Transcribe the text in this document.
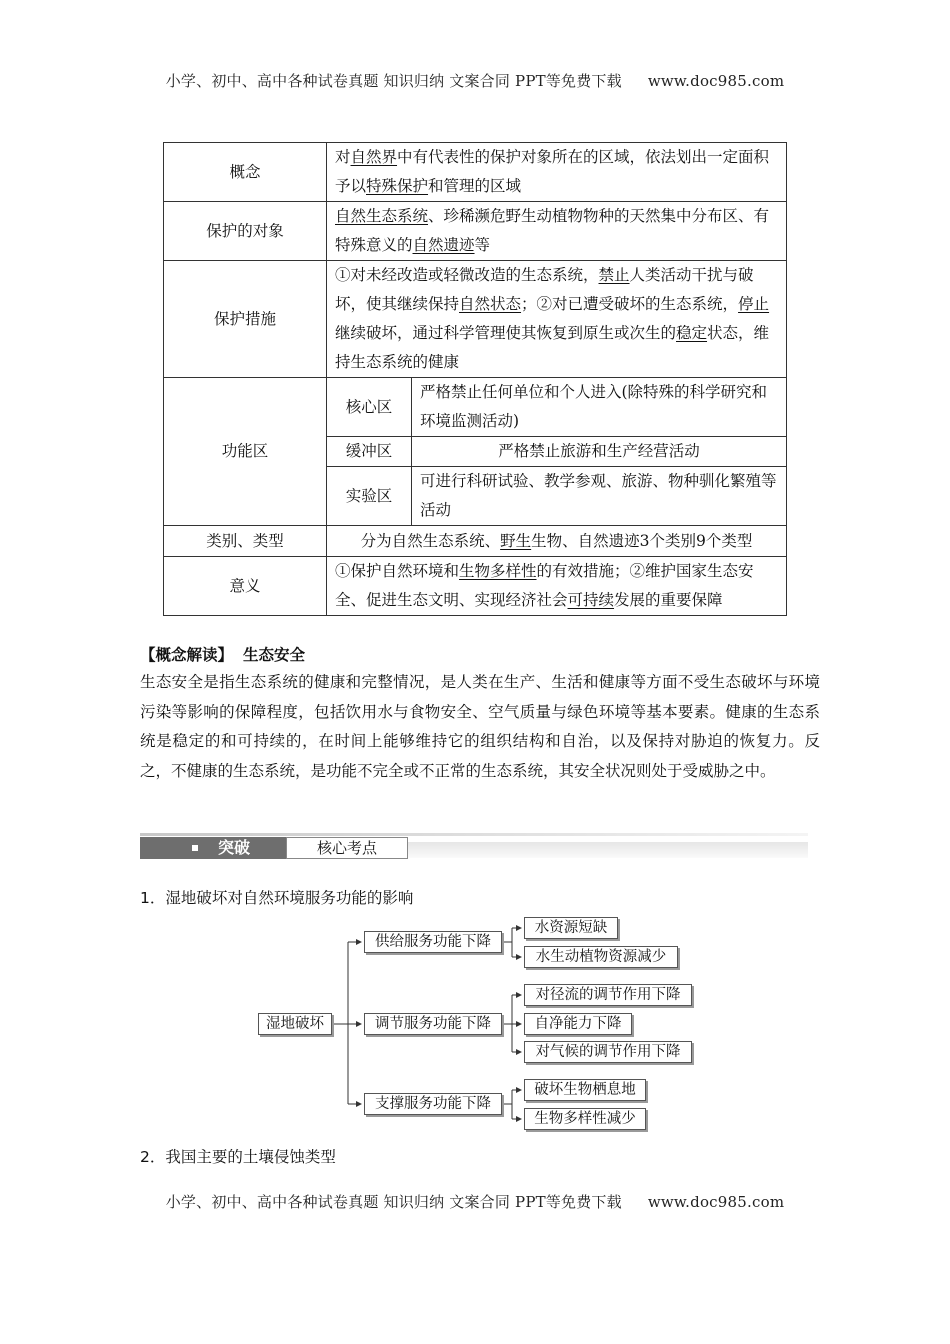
小学、初中、高中各种试卷真题 知识归纳 文案合同 PPT等免费下载 www.doc985.com
概念	对自然界中有代表性的保护对象所在的区域，依法划出一定面积予以特殊保护和管理的区域	
保护的对象	自然生态系统、珍稀濒危野生动植物物种的天然集中分布区、有特殊意义的自然遗迹等	
保护措施	①对未经改造或轻微改造的生态系统，禁止人类活动干扰与破坏，使其继续保持自然状态；②对已遭受破坏的生态系统，停止继续破坏，通过科学管理使其恢复到原生或次生的稳定状态，维持生态系统的健康	
功能区	核心区	严格禁止任何单位和个人进入(除特殊的科学研究和环境监测活动)
	缓冲区	严格禁止旅游和生产经营活动
	实验区	可进行科研试验、教学参观、旅游、物种驯化繁殖等活动
类别、类型	分为自然生态系统、野生生物、自然遗迹3个类别9个类型	
意义	①保护自然环境和生物多样性的有效措施；②维护国家生态安全、促进生态文明、实现经济社会可持续发展的重要保障	
【概念解读】 生态安全
生态安全是指生态系统的健康和完整情况，是人类在生产、生活和健康等方面不受生态破坏与环境污染等影响的保障程度，包括饮用水与食物安全、空气质量与绿色环境等基本要素。健康的生态系统是稳定的和可持续的，在时间上能够维持它的组织结构和自治，以及保持对胁迫的恢复力。反之，不健康的生态系统，是功能不完全或不正常的生态系统，其安全状况则处于受威胁之中。
突破	核心考点
1．湿地破坏对自然环境服务功能的影响
湿地破坏
供给服务功能下降
调节服务功能下降
支撑服务功能下降
水资源短缺
水生动植物资源减少
对径流的调节作用下降
自净能力下降
对气候的调节作用下降
破坏生物栖息地
生物多样性减少
2．我国主要的土壤侵蚀类型
小学、初中、高中各种试卷真题 知识归纳 文案合同 PPT等免费下载 www.doc985.com
